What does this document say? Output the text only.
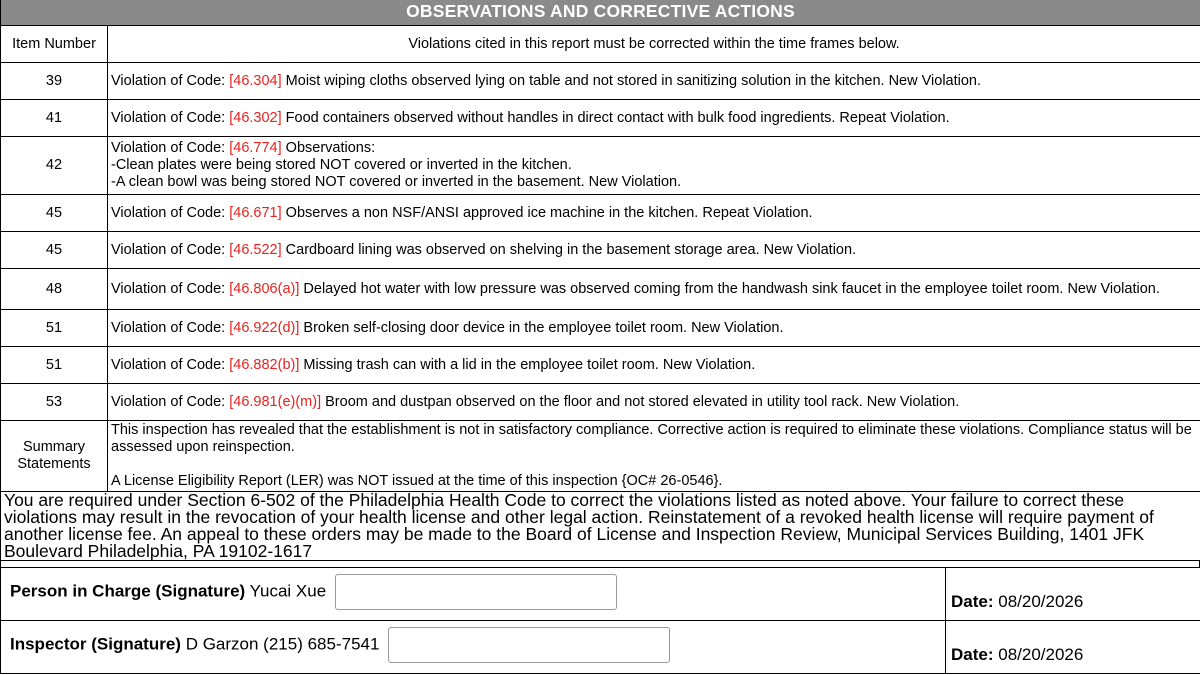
OBSERVATIONS AND CORRECTIVE ACTIONS	
Item Number	Violations cited in this report must be corrected within the time frames below.
39	Violation of Code: [46.304] Moist wiping cloths observed lying on table and not stored in sanitizing solution in the kitchen. New Violation.
41	Violation of Code: [46.302] Food containers observed without handles in direct contact with bulk food ingredients. Repeat Violation.
42	Violation of Code: [46.774] Observations:
-Clean plates were being stored NOT covered or inverted in the kitchen.
-A clean bowl was being stored NOT covered or inverted in the basement. New Violation.
45	Violation of Code: [46.671] Observes a non NSF/ANSI approved ice machine in the kitchen. Repeat Violation.
45	Violation of Code: [46.522] Cardboard lining was observed on shelving in the basement storage area. New Violation.
48	Violation of Code: [46.806(a)] Delayed hot water with low pressure was observed coming from the handwash sink faucet in the employee toilet room. New Violation.
51	Violation of Code: [46.922(d)] Broken self-closing door device in the employee toilet room. New Violation.
51	Violation of Code: [46.882(b)] Missing trash can with a lid in the employee toilet room. New Violation.
53	Violation of Code: [46.981(e)(m)] Broom and dustpan observed on the floor and not stored elevated in utility tool rack. New Violation.
Summary Statements	This inspection has revealed that the establishment is not in satisfactory compliance. Corrective action is required to eliminate these violations. Compliance status will be assessed upon reinspection.
A License Eligibility Report (LER) was NOT issued at the time of this inspection {OC# 26-0546}.

You are required under Section 6-502 of the Philadelphia Health Code to correct the violations listed as noted above. Your failure to correct these violations may result in the revocation of your health license and other legal action. Reinstatement of a revoked health license will require payment of another license fee. An appeal to these orders may be made to the Board of License and Inspection Review, Municipal Services Building, 1401 JFK Boulevard Philadelphia, PA 19102-1617	
Person in Charge (Signature) Yucai Xue	Date: 08/20/2026

Inspector (Signature) D Garzon (215) 685-7541	Date: 08/20/2026
